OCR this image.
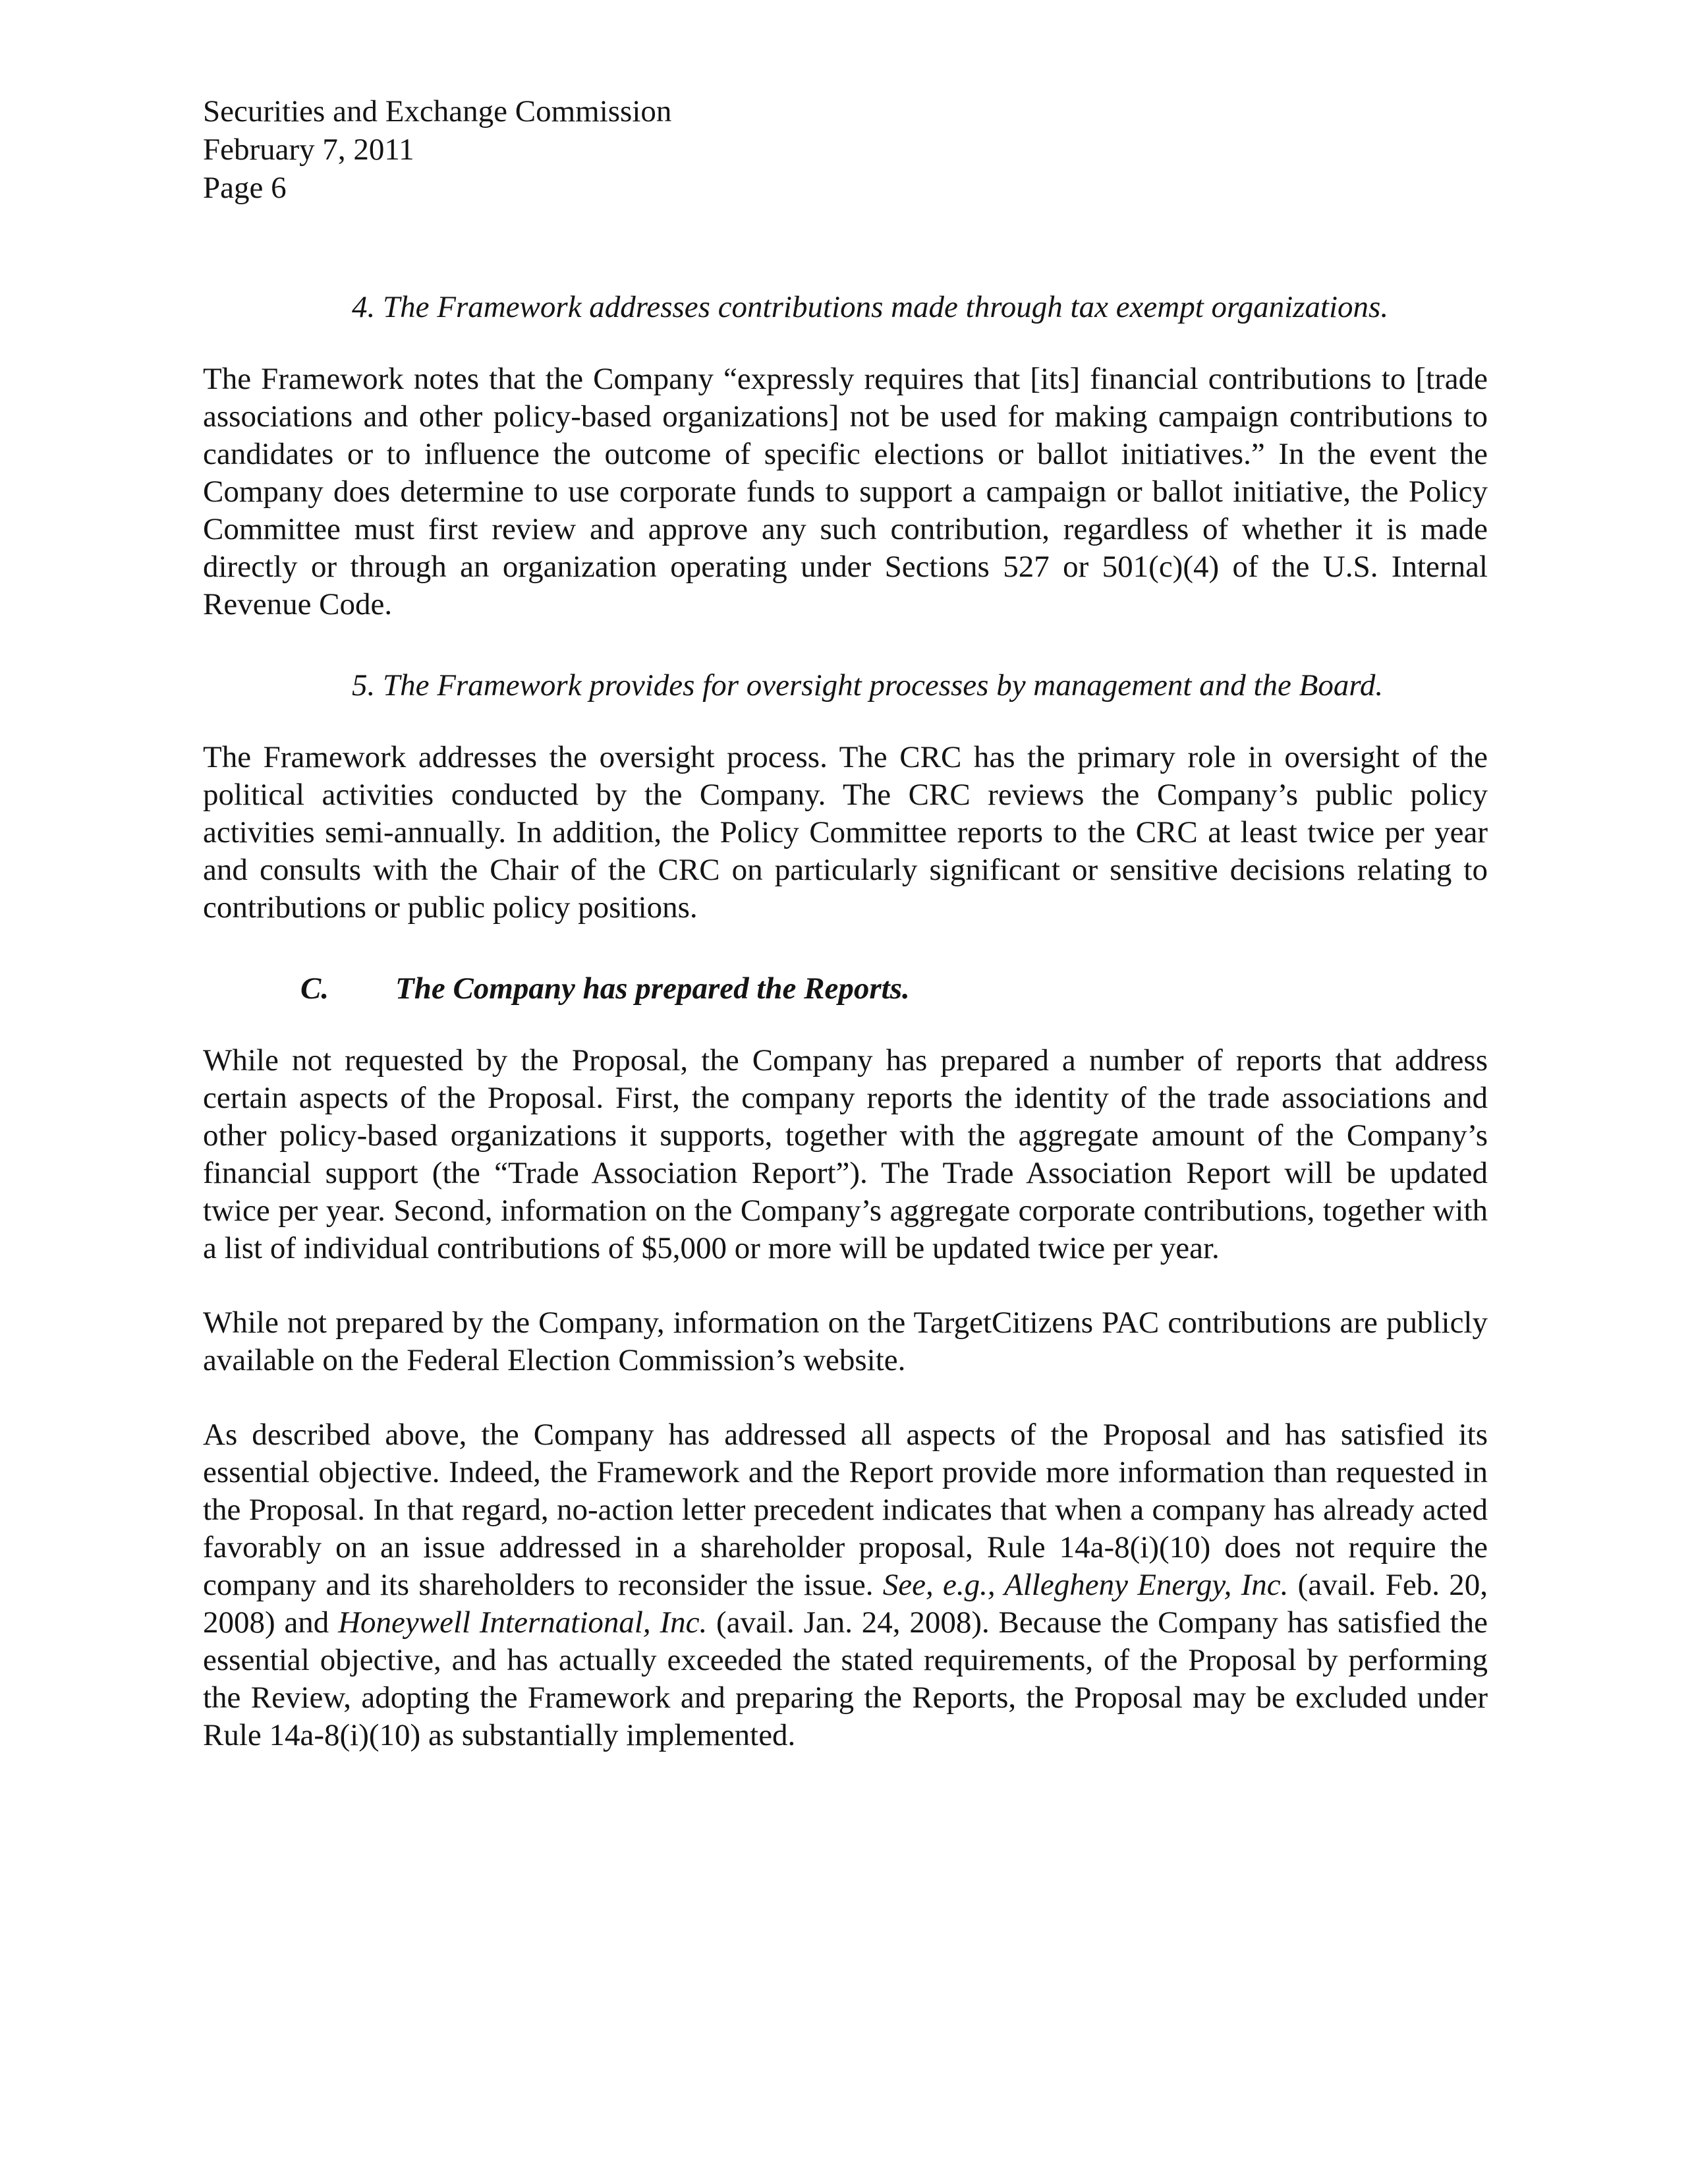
Securities and Exchange Commission
February 7, 2011
Page 6

4. The Framework addresses contributions made through tax exempt organizations.

The Framework notes that the Company “expressly requires that [its] financial contributions to [trade associations and other policy-based organizations] not be used for making campaign contributions to candidates or to influence the outcome of specific elections or ballot initiatives.” In the event the Company does determine to use corporate funds to support a campaign or ballot initiative, the Policy Committee must first review and approve any such contribution, regardless of whether it is made directly or through an organization operating under Sections 527 or 501(c)(4) of the U.S. Internal Revenue Code.

5. The Framework provides for oversight processes by management and the Board.

The Framework addresses the oversight process. The CRC has the primary role in oversight of the political activities conducted by the Company. The CRC reviews the Company’s public policy activities semi-annually. In addition, the Policy Committee reports to the CRC at least twice per year and consults with the Chair of the CRC on particularly significant or sensitive decisions relating to contributions or public policy positions.

C.	The Company has prepared the Reports.

While not requested by the Proposal, the Company has prepared a number of reports that address certain aspects of the Proposal. First, the company reports the identity of the trade associations and other policy-based organizations it supports, together with the aggregate amount of the Company’s financial support (the “Trade Association Report”). The Trade Association Report will be updated twice per year. Second, information on the Company’s aggregate corporate contributions, together with a list of individual contributions of $5,000 or more will be updated twice per year.

While not prepared by the Company, information on the TargetCitizens PAC contributions are publicly available on the Federal Election Commission’s website.

As described above, the Company has addressed all aspects of the Proposal and has satisfied its essential objective. Indeed, the Framework and the Report provide more information than requested in the Proposal. In that regard, no-action letter precedent indicates that when a company has already acted favorably on an issue addressed in a shareholder proposal, Rule 14a-8(i)(10) does not require the company and its shareholders to reconsider the issue. See, e.g., Allegheny Energy, Inc. (avail. Feb. 20, 2008) and Honeywell International, Inc. (avail. Jan. 24, 2008). Because the Company has satisfied the essential objective, and has actually exceeded the stated requirements, of the Proposal by performing the Review, adopting the Framework and preparing the Reports, the Proposal may be excluded under Rule 14a-8(i)(10) as substantially implemented.
